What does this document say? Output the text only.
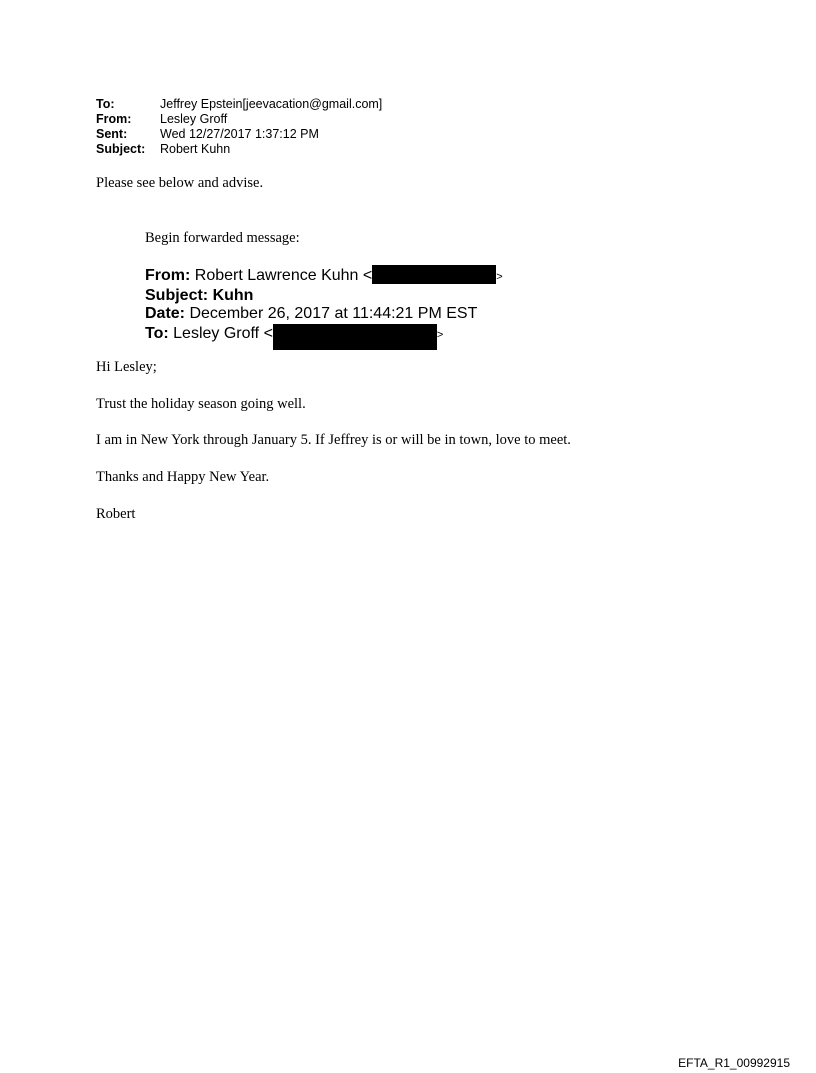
To:	Jeffrey Epstein[jeevacation@gmail.com]
From:	Lesley Groff
Sent:	Wed 12/27/2017 1:37:12 PM
Subject:	Robert Kuhn
Please see below and advise.
Begin forwarded message:
From: Robert Lawrence Kuhn <	>
Subject: Kuhn
Date: December 26, 2017 at 11:44:21 PM EST
To: Lesley Groff <	>
Hi Lesley;
Trust the holiday season going well.
I am in New York through January 5. If Jeffrey is or will be in town, love to meet.
Thanks and Happy New Year.
Robert
EFTA_R1_00992915
